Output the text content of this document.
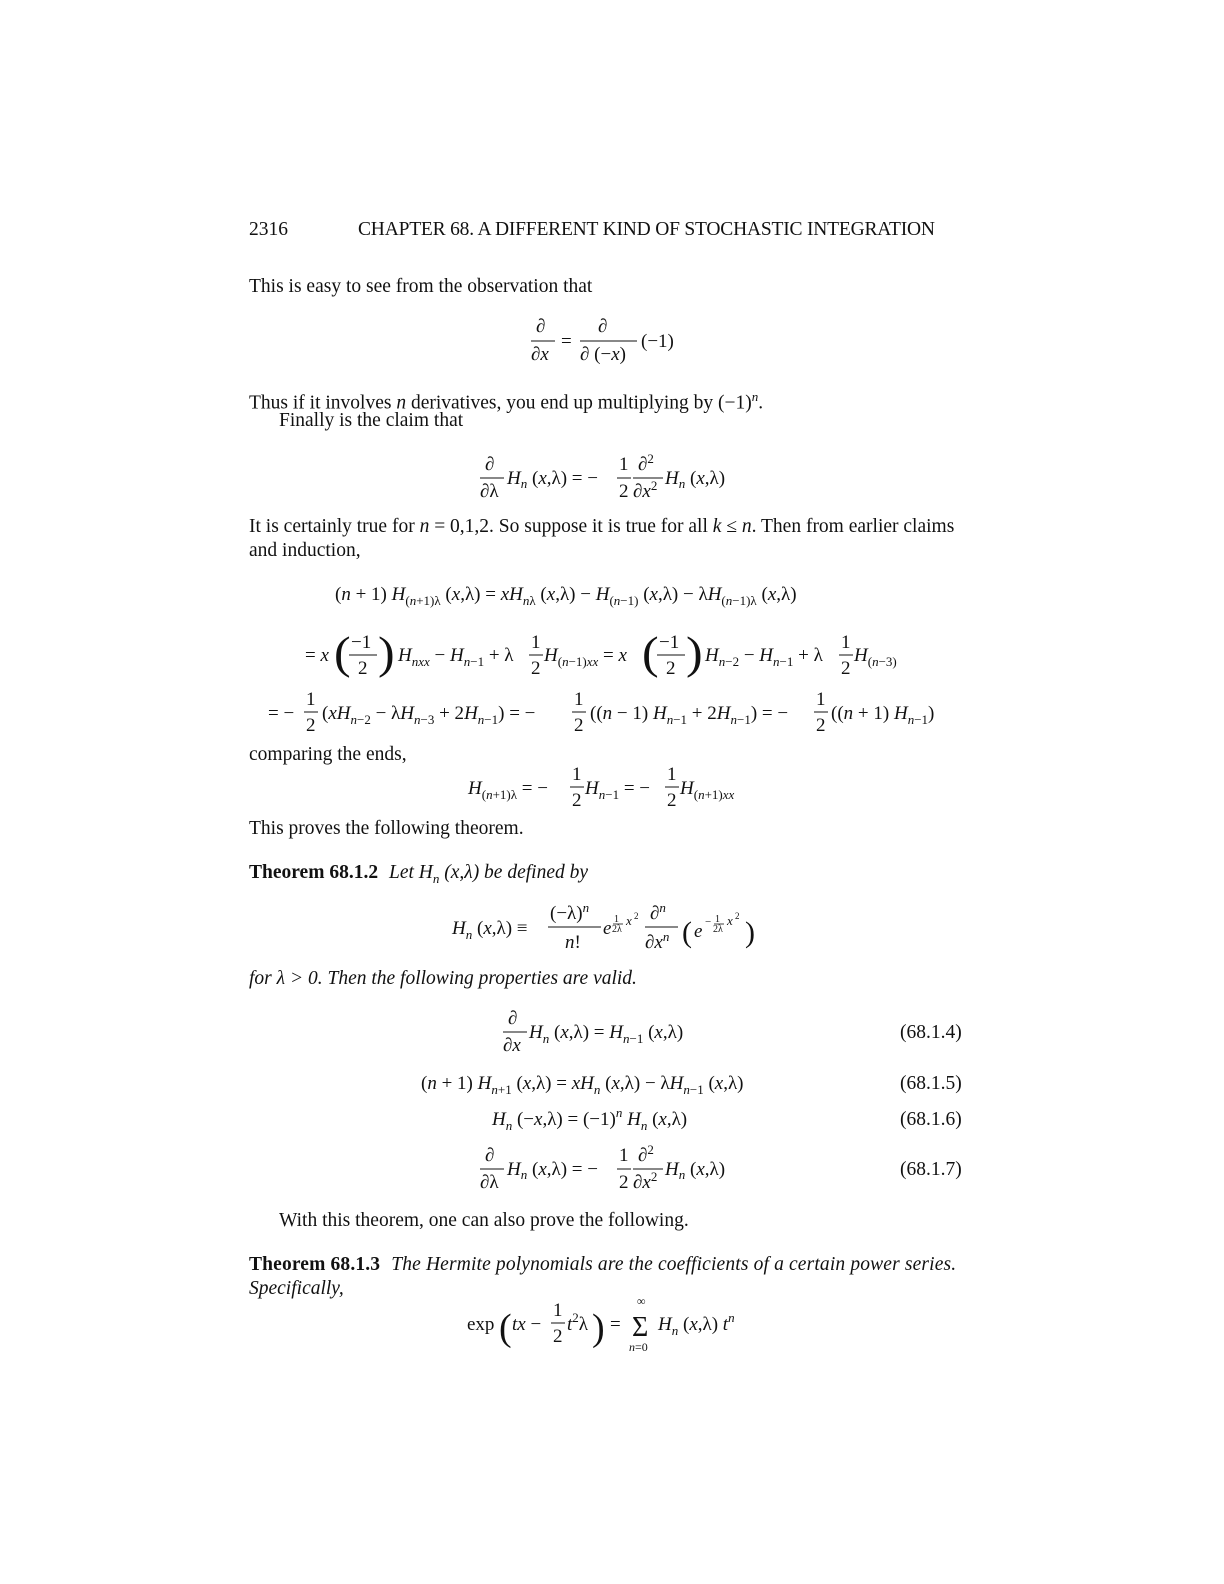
2316	CHAPTER 68. A DIFFERENT KIND OF STOCHASTIC INTEGRATION
This is easy to see from the observation that
Thus if it involves n derivatives, you end up multiplying by $(-1)^n$.
Finally is the claim that
It is certainly true for n = 0,1,2. So suppose it is true for all k ≤ n. Then from earlier claims
and induction,
comparing the ends,
This proves the following theorem.
Theorem 68.1.2 Let $H_n$ (x,λ) be defined by
for λ > 0. Then the following properties are valid.
(68.1.4)
(68.1.5)
(68.1.6)
(68.1.7)
With this theorem, one can also prove the following.
Theorem 68.1.3 The Hermite polynomials are the coefficients of a certain power series.
Specifically,
∂
∂x
=
∂
∂ (−x)
(−1)
∂
∂λ
$H_n$ (x,λ) = −
1
2
∂$^2$
$\partial x^2$ $H_n$ (x,λ)
(n + 1) $H_(n+1)\lambda$ $(x,\lambda) = xH_n\lambda$ $(x,\lambda) - H_(n-1$) $(x,\lambda) - \lambda H_(n-1)\lambda$ (x,λ)
= x ( −1
2 ) $H_{nxx} - H_{n-1} + \lambda$
1
2
$H_{(n-1)xx} = x$ ( −1
2 ) $H_{n-2} - H_{n-1} + \lambda$
1
2
$H_{(n-3)}$
= −
1
2
$(xH_{n-2} - \lambda H_{n-3} + 2H_{n-1})$ = −
1
2
((n − 1) $H_{n-1} + 2H_{n-1}$) = −
1
2
((n + 1) $H_{n-1}$)
$H_{(n+1)\lambda}$ = −
1
2
$H_{n-1}$ = −
1
2
$H_{(n+1)xx}$
$H_n$ (x,λ) ≡
$(-\lambda)^n$
n!
e 1
2λ
x 2 ∂$^n$
$\partial x^n$ ( e − 1
2λ
x 2 )
∂
∂x
$H_n$ $(x,\lambda) = H_{n-1}$ (x,λ)
(n + 1) $H_{n+1}$ $(x,\lambda) = xH_n$ $(x,\lambda) - \lambda H_{n-1}$ (x,λ)
$H_n$ $(-x,\lambda) = (-1)^n$ $H_n$ (x,λ)
∂
∂λ
$H_n$ (x,λ) = −
1
2
∂$^2$
$\partial x^2$ $H_n$ (x,λ)
exp ( tx −
1
2
$t^2\lambda$ ) =
∞
Σ
n=0
$H_n$ (x,λ) $t^n$
